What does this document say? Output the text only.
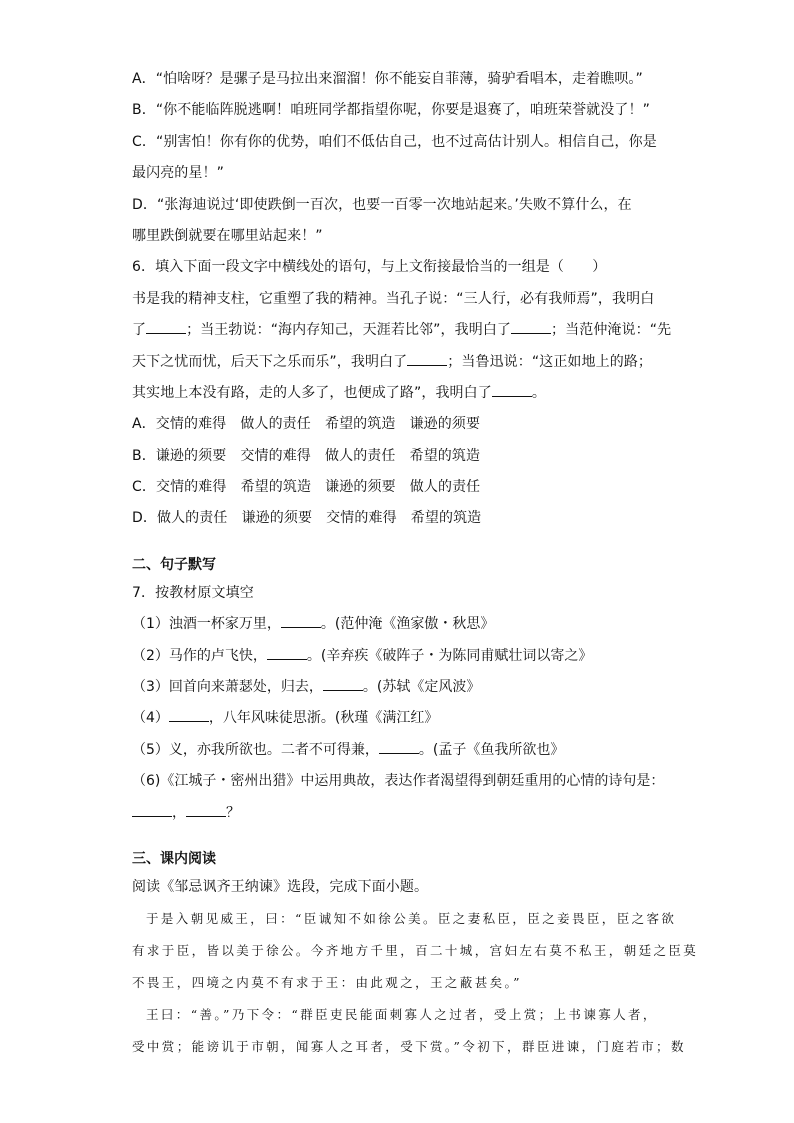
A．“怕啥呀？是骡子是马拉出来溜溜！你不能妄自菲薄，骑驴看唱本，走着瞧呗。”
B．“你不能临阵脱逃啊！咱班同学都指望你呢，你要是退赛了，咱班荣誉就没了！”
C．“别害怕！你有你的优势，咱们不低估自己，也不过高估计别人。相信自己，你是
最闪亮的星！”
D．“张海迪说过‘即使跌倒一百次，也要一百零一次地站起来。’失败不算什么，在
哪里跌倒就要在哪里站起来！”
6．填入下面一段文字中横线处的语句，与上文衔接最恰当的一组是（　　）
书是我的精神支柱，它重塑了我的精神。当孔子说：“三人行，必有我师焉”，我明白
了	；当王勃说：“海内存知己，天涯若比邻”，我明白了	；当范仲淹说：“先
天下之忧而忧，后天下之乐而乐”，我明白了	；当鲁迅说：“这正如地上的路；
其实地上本没有路，走的人多了，也便成了路”，我明白了	。
A．交情的难得　做人的责任　希望的筑造　谦逊的须要
B．谦逊的须要　交情的难得　做人的责任　希望的筑造
C．交情的难得　希望的筑造　谦逊的须要　做人的责任
D．做人的责任　谦逊的须要　交情的难得　希望的筑造
二、句子默写
7．按教材原文填空
（1）浊酒一杯家万里，	。(范仲淹《渔家傲・秋思》
（2）马作的卢飞快，	。(辛弃疾《破阵子・为陈同甫赋壮词以寄之》
（3）回首向来萧瑟处，归去，	。(苏轼《定风波》
（4）	，八年风味徒思浙。(秋瑾《满江红》
（5）义，亦我所欲也。二者不可得兼，	。(孟子《鱼我所欲也》
（6)《江城子・密州出猎》中运用典故，表达作者渴望得到朝廷重用的心情的诗句是：
，	？
三、课内阅读
阅读《邹忌讽齐王纳谏》选段，完成下面小题。
于是入朝见威王，曰：“臣诚知不如徐公美。臣之妻私臣，臣之妾畏臣，臣之客欲
有求于臣，皆以美于徐公。今齐地方千里，百二十城，宫妇左右莫不私王，朝廷之臣莫
不畏王，四境之内莫不有求于王：由此观之，王之蔽甚矣。”
王曰：“善。”乃下令：“群臣吏民能面刺寡人之过者，受上赏；上书谏寡人者，
受中赏；能谤讥于市朝，闻寡人之耳者，受下赏。”令初下，群臣进谏，门庭若市；数
